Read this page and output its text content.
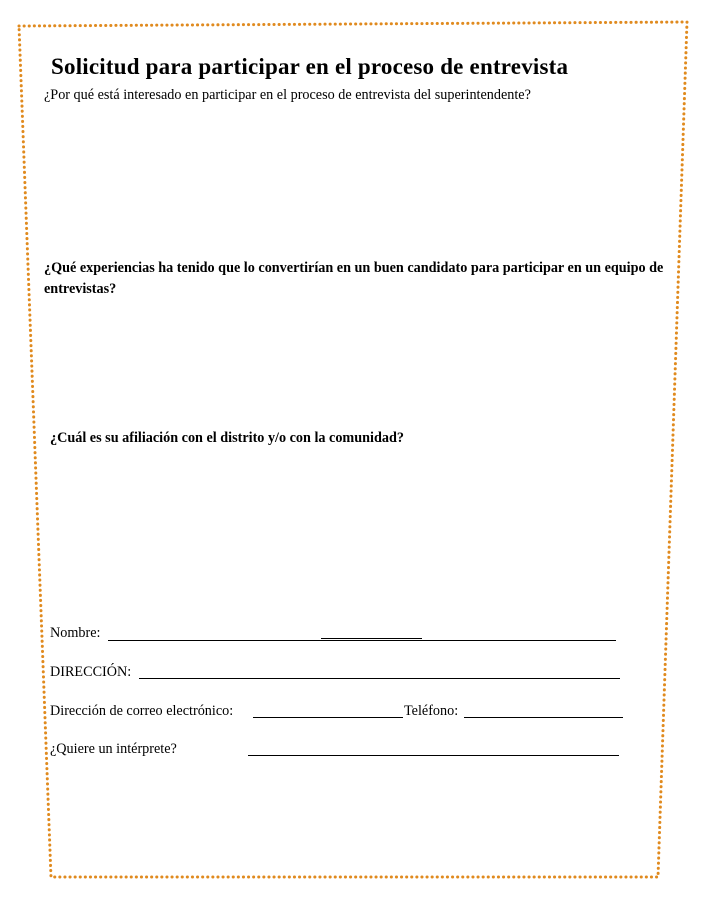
Solicitud para participar en el proceso de entrevista
¿Por qué está interesado en participar en el proceso de entrevista del superintendente?
¿Qué experiencias ha tenido que lo convertirían en un buen candidato para participar en un equipo de entrevistas?
¿Cuál es su afiliación con el distrito y/o con la comunidad?
Nombre:
DIRECCIÓN:
Dirección de correo electrónico:	Teléfono:
¿Quiere un intérprete?
